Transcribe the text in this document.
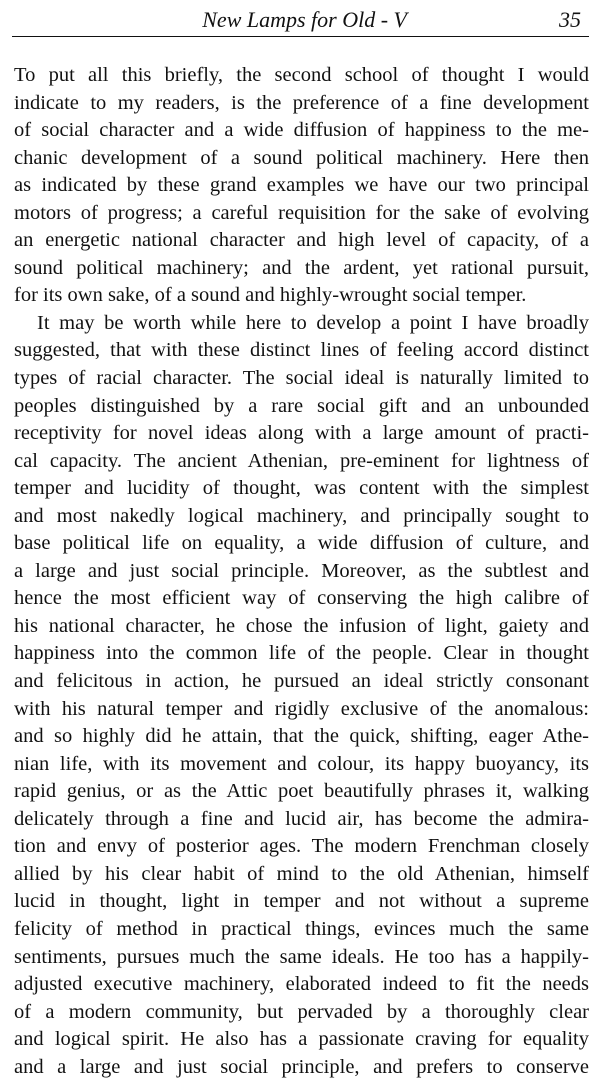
New Lamps for Old - V	35
To put all this briefly, the second school of thought I would
indicate to my readers, is the preference of a fine development
of social character and a wide diffusion of happiness to the me-
chanic development of a sound political machinery. Here then
as indicated by these grand examples we have our two principal
motors of progress; a careful requisition for the sake of evolving
an energetic national character and high level of capacity, of a
sound political machinery; and the ardent, yet rational pursuit,
for its own sake, of a sound and highly-wrought social temper.
It may be worth while here to develop a point I have broadly
suggested, that with these distinct lines of feeling accord distinct
types of racial character. The social ideal is naturally limited to
peoples distinguished by a rare social gift and an unbounded
receptivity for novel ideas along with a large amount of practi-
cal capacity. The ancient Athenian, pre-eminent for lightness of
temper and lucidity of thought, was content with the simplest
and most nakedly logical machinery, and principally sought to
base political life on equality, a wide diffusion of culture, and
a large and just social principle. Moreover, as the subtlest and
hence the most efficient way of conserving the high calibre of
his national character, he chose the infusion of light, gaiety and
happiness into the common life of the people. Clear in thought
and felicitous in action, he pursued an ideal strictly consonant
with his natural temper and rigidly exclusive of the anomalous:
and so highly did he attain, that the quick, shifting, eager Athe-
nian life, with its movement and colour, its happy buoyancy, its
rapid genius, or as the Attic poet beautifully phrases it, walking
delicately through a fine and lucid air, has become the admira-
tion and envy of posterior ages. The modern Frenchman closely
allied by his clear habit of mind to the old Athenian, himself
lucid in thought, light in temper and not without a supreme
felicity of method in practical things, evinces much the same
sentiments, pursues much the same ideals. He too has a happily-
adjusted executive machinery, elaborated indeed to fit the needs
of a modern community, but pervaded by a thoroughly clear
and logical spirit. He also has a passionate craving for equality
and a large and just social principle, and prefers to conserve
